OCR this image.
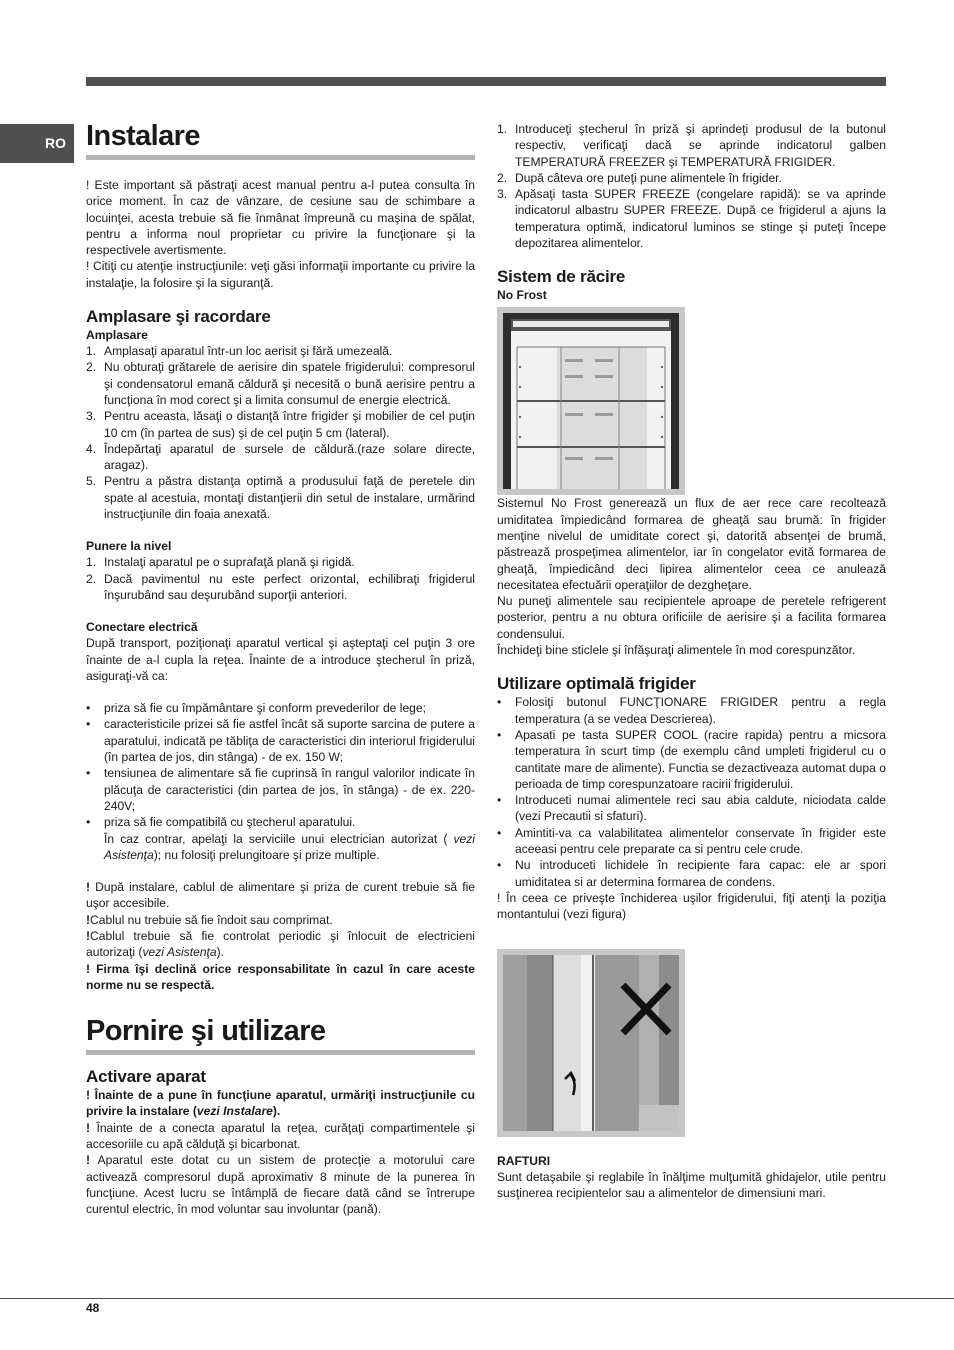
RO Instalare

! Este important să păstraţi acest manual pentru a-l putea consulta în orice moment. În caz de vânzare, de cesiune sau de schimbare a locuinţei, acesta trebuie să fie înmânat împreună cu maşina de spălat, pentru a informa noul proprietar cu privire la funcţionare şi la respectivele avertismente.

! Citiţi cu atenţie instrucţiunile: veţi găsi informaţii importante cu privire la instalaţie, la folosire şi la siguranţă.

Amplasare şi racordare
Amplasare
1. Amplasaţi aparatul într-un loc aerisit şi fără umezeală.
2. Nu obturaţi grătarele de aerisire din spatele frigiderului: compresorul şi condensatorul emană căldură şi necesită o bună aerisire pentru a funcţiona în mod corect şi a limita consumul de energie electrică.
3. Pentru aceasta, lăsaţi o distanţă între frigider şi mobilier de cel puţin 10 cm (în partea de sus) şi de cel puţin 5 cm (lateral).
4. Îndepărtaţi aparatul de sursele de căldură.(raze solare directe, aragaz).
5. Pentru a păstra distanţa optimă a produsului faţă de peretele din spate al acestuia, montaţi distanţierii din setul de instalare, urmărind instrucţiunile din foaia anexată.
Punere la nivel
1. Instalaţi aparatul pe o suprafaţă plană şi rigidă.
2. Dacă pavimentul nu este perfect orizontal, echilibraţi frigiderul înşurubând sau deşurubând suporţii anteriori.
Conectare electrică

După transport, poziţionaţi aparatul vertical şi aşteptaţi cel puţin 3 ore înainte de a-l cupla la reţea. Înainte de a introduce ştecherul în priză, asiguraţi-vă ca:

• priza să fie cu împământare şi conform prevederilor de lege;
• caracteristicile prizei să fie astfel încât să suporte sarcina de putere a aparatului, indicată pe tăbliţa de caracteristici din interiorul frigiderului (în partea de jos, din stânga) - de ex. 150 W;
• tensiunea de alimentare să fie cuprinsă în rangul valorilor indicate în plăcuţa de caracteristici (din partea de jos, în stânga) - de ex. 220-240V;
• priza să fie compatibilă cu ştecherul aparatului.
În caz contrar, apelaţi la serviciile unui electrician autorizat ( vezi Asistenţa); nu folosiţi prelungitoare şi prize multiple.

! După instalare, cablul de alimentare şi priza de curent trebuie să fie uşor accesibile.

!Cablul nu trebuie să fie îndoit sau comprimat.

!Cablul trebuie să fie controlat periodic şi înlocuit de electricieni autorizaţi (vezi Asistenţa).

! Firma îşi declină orice responsabilitate în cazul în care aceste norme nu se respectă.

Pornire şi utilizare
Activare aparat

! Înainte de a pune în funcţiune aparatul, urmăriţi instrucţiunile cu privire la instalare (vezi Instalare).

! Înainte de a conecta aparatul la reţea, curăţaţi compartimentele şi accesoriile cu apă călduţă şi bicarbonat.

! Aparatul este dotat cu un sistem de protecţie a motorului care activează compresorul după aproximativ 8 minute de la punerea în funcţiune. Acest lucru se întâmplă de fiecare dată când se întrerupe curentul electric, în mod voluntar sau involuntar (pană).

1. Introduceţi ştecherul în priză şi aprindeţi produsul de la butonul respectiv, verificaţi dacă se aprinde indicatorul galben TEMPERATURĂ FREEZER şi TEMPERATURĂ FRIGIDER.
2. După câteva ore puteţi pune alimentele în frigider.
3. Apăsaţi tasta SUPER FREEZE (congelare rapidă): se va aprinde indicatorul albastru SUPER FREEZE. După ce frigiderul a ajuns la temperatura optimă, indicatorul luminos se stinge şi puteţi începe depozitarea alimentelor.
Sistem de răcire
No Frost

Sistemul No Frost generează un flux de aer rece care recoltează umiditatea împiedicând formarea de gheaţă sau brumă: în frigider menţine nivelul de umiditate corect şi, datorită absenţei de brumă, păstrează prospeţimea alimentelor, iar în congelator evită formarea de gheaţă, împiedicând deci lipirea alimentelor ceea ce anulează necesitatea efectuării operaţiilor de dezgheţare.

Nu puneţi alimentele sau recipientele aproape de peretele refrigerent posterior, pentru a nu obtura orificiile de aerisire şi a facilita formarea condensului.

Închideţi bine sticlele şi înfăşuraţi alimentele în mod corespunzător.

Utilizare optimală frigider
• Folosiţi butonul FUNCŢIONARE FRIGIDER pentru a regla temperatura (a se vedea Descrierea).
• Apasati pe tasta SUPER COOL (racire rapida) pentru a micsora temperatura în scurt timp (de exemplu când umpleti frigiderul cu o cantitate mare de alimente). Functia se dezactiveaza automat dupa o perioada de timp corespunzatoare racirii frigiderului.
• Introduceti numai alimentele reci sau abia caldute, niciodata calde (vezi Precautii si sfaturi).
• Amintiti-va ca valabilitatea alimentelor conservate în frigider este aceeasi pentru cele preparate ca si pentru cele crude.
• Nu introduceti lichidele în recipiente fara capac: ele ar spori umiditatea si ar determina formarea de condens.

! În ceea ce priveşte închiderea uşilor frigiderului, fiţi atenţi la poziţia montantului (vezi figura)

RAFTURI

Sunt detaşabile şi reglabile în înălţime mulţumită ghidajelor, utile pentru susţinerea recipientelor sau a alimentelor de dimensiuni mari.

48
